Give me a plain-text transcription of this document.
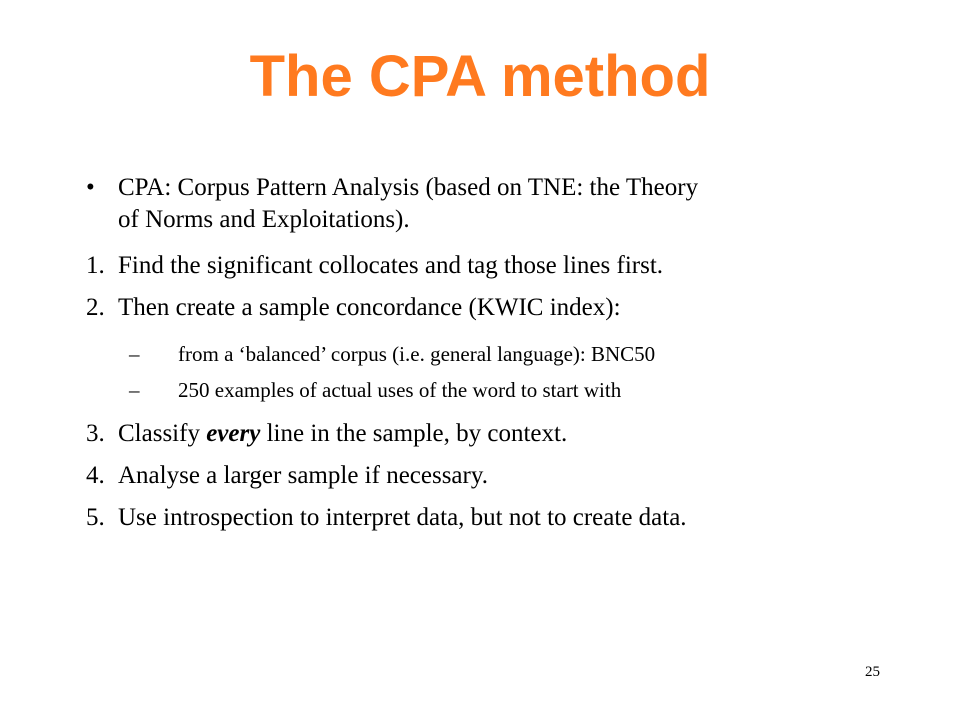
The CPA method
• CPA: Corpus Pattern Analysis (based on TNE: the Theory
of Norms and Exploitations).
1. Find the significant collocates and tag those lines first.
2. Then create a sample concordance (KWIC index):
– from a ‘balanced’ corpus (i.e. general language): BNC50
– 250 examples of actual uses of the word to start with
3. Classify every line in the sample, by context.
4. Analyse a larger sample if necessary.
5. Use introspection to interpret data, but not to create data.
25
